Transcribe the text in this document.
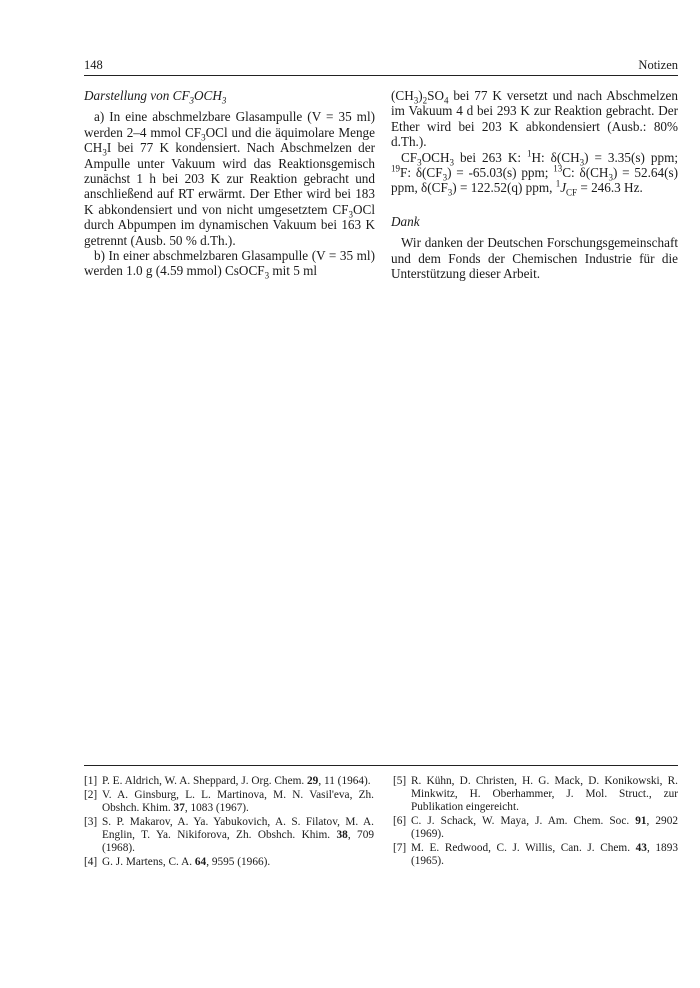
148	Notizen

Darstellung von $CF_3OCH_3$

a) In eine abschmelzbare Glasampulle (V = 35 ml) werden 2–4 mmol $CF_3OCl$ und die äquimolare Menge $CH_3I$ bei 77 K kondensiert. Nach Abschmelzen der Ampulle unter Vakuum wird das Reaktionsgemisch zunächst 1 h bei 203 K zur Reaktion gebracht und anschließend auf RT erwärmt. Der Ether wird bei 183 K abkondensiert und von nicht umgesetztem $CF_3OCl$ durch Abpumpen im dynamischen Vakuum bei 163 K getrennt (Ausb. 50 % d.Th.).

b) In einer abschmelzbaren Glasampulle (V = 35 ml) werden 1.0 g (4.59 mmol) CsOCF$_3$ mit 5 ml

$(CH_3)_2SO_4$ bei 77 K versetzt und nach Abschmelzen im Vakuum 4 d bei 293 K zur Reaktion gebracht. Der Ether wird bei 203 K abkondensiert (Ausb.: 80% d.Th.).

$CF_3OCH_3$ bei 263 K: $^1$H: $\delta(CH_3) = 3.35(s)$ ppm; $^{19}$F: $\delta(CF_3) = -65.03(s)$ ppm; $^{13}$C: $\delta(CH_3) = 52.64(s)$ ppm, $\delta(CF_3) = 122.52(q)$ ppm, $^1J_{CF} = 246.3$ Hz.

Dank

Wir danken der Deutschen Forschungsgemeinschaft und dem Fonds der Chemischen Industrie für die Unterstützung dieser Arbeit.

[1] P. E. Aldrich, W. A. Sheppard, J. Org. Chem. 29, 11 (1964).
[2] V. A. Ginsburg, L. L. Martinova, M. N. Vasil'eva, Zh. Obshch. Khim. 37, 1083 (1967).
[3] S. P. Makarov, A. Ya. Yabukovich, A. S. Filatov, M. A. Englin, T. Ya. Nikiforova, Zh. Obshch. Khim. 38, 709 (1968).
[4] G. J. Martens, C. A. 64, 9595 (1966).
[5] R. Kühn, D. Christen, H. G. Mack, D. Konikowski, R. Minkwitz, H. Oberhammer, J. Mol. Struct., zur Publikation eingereicht.
[6] C. J. Schack, W. Maya, J. Am. Chem. Soc. 91, 2902 (1969).
[7] M. E. Redwood, C. J. Willis, Can. J. Chem. 43, 1893 (1965).
